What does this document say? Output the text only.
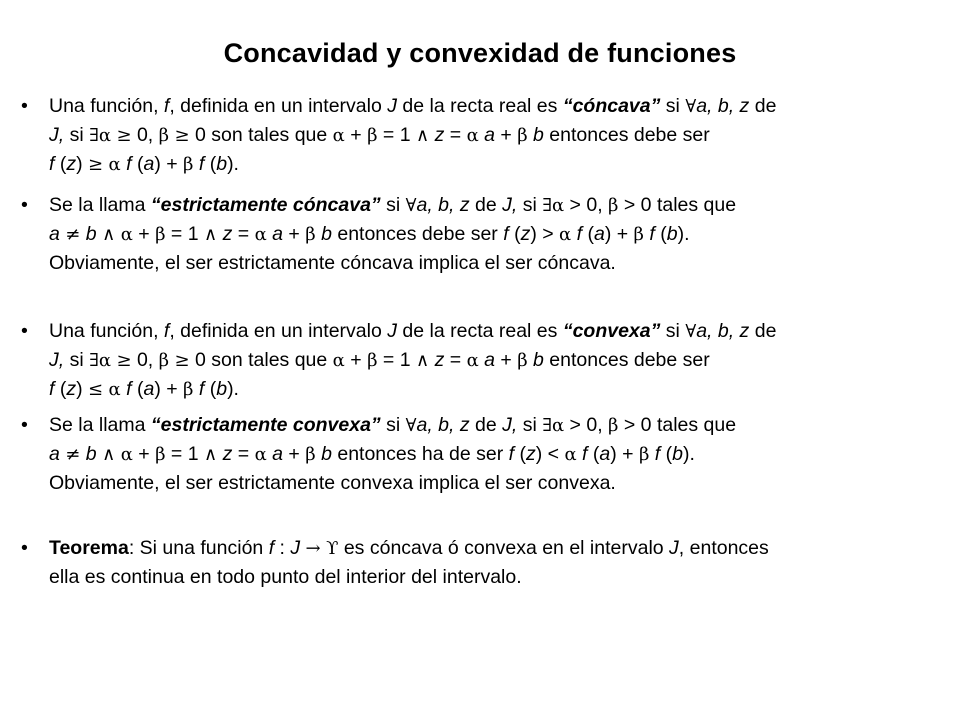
Concavidad y convexidad de funciones
• Una función, f, definida en un intervalo J de la recta real es “cóncava” si ∀a, b, z de
J, si ∃α ≥ 0, β ≥ 0 son tales que α + β = 1 ∧ z = α a + β b entonces debe ser
f (z) ≥ α f (a) + β f (b).
• Se la llama “estrictamente cóncava” si ∀a, b, z de J, si ∃α > 0, β > 0 tales que
a ≠ b ∧ α + β = 1 ∧ z = α a + β b entonces debe ser f (z) > α f (a) + β f (b).
Obviamente, el ser estrictamente cóncava implica el ser cóncava.
• Una función, f, definida en un intervalo J de la recta real es “convexa” si ∀a, b, z de
J, si ∃α ≥ 0, β ≥ 0 son tales que α + β = 1 ∧ z = α a + β b entonces debe ser
f (z) ≤ α f (a) + β f (b).
• Se la llama “estrictamente convexa” si ∀a, b, z de J, si ∃α > 0, β > 0 tales que
a ≠ b ∧ α + β = 1 ∧ z = α a + β b entonces ha de ser f (z) < α f (a) + β f (b).
Obviamente, el ser estrictamente convexa implica el ser convexa.
• Teorema: Si una función f : J → ϒ es cóncava ó convexa en el intervalo J, entonces
ella es continua en todo punto del interior del intervalo.
